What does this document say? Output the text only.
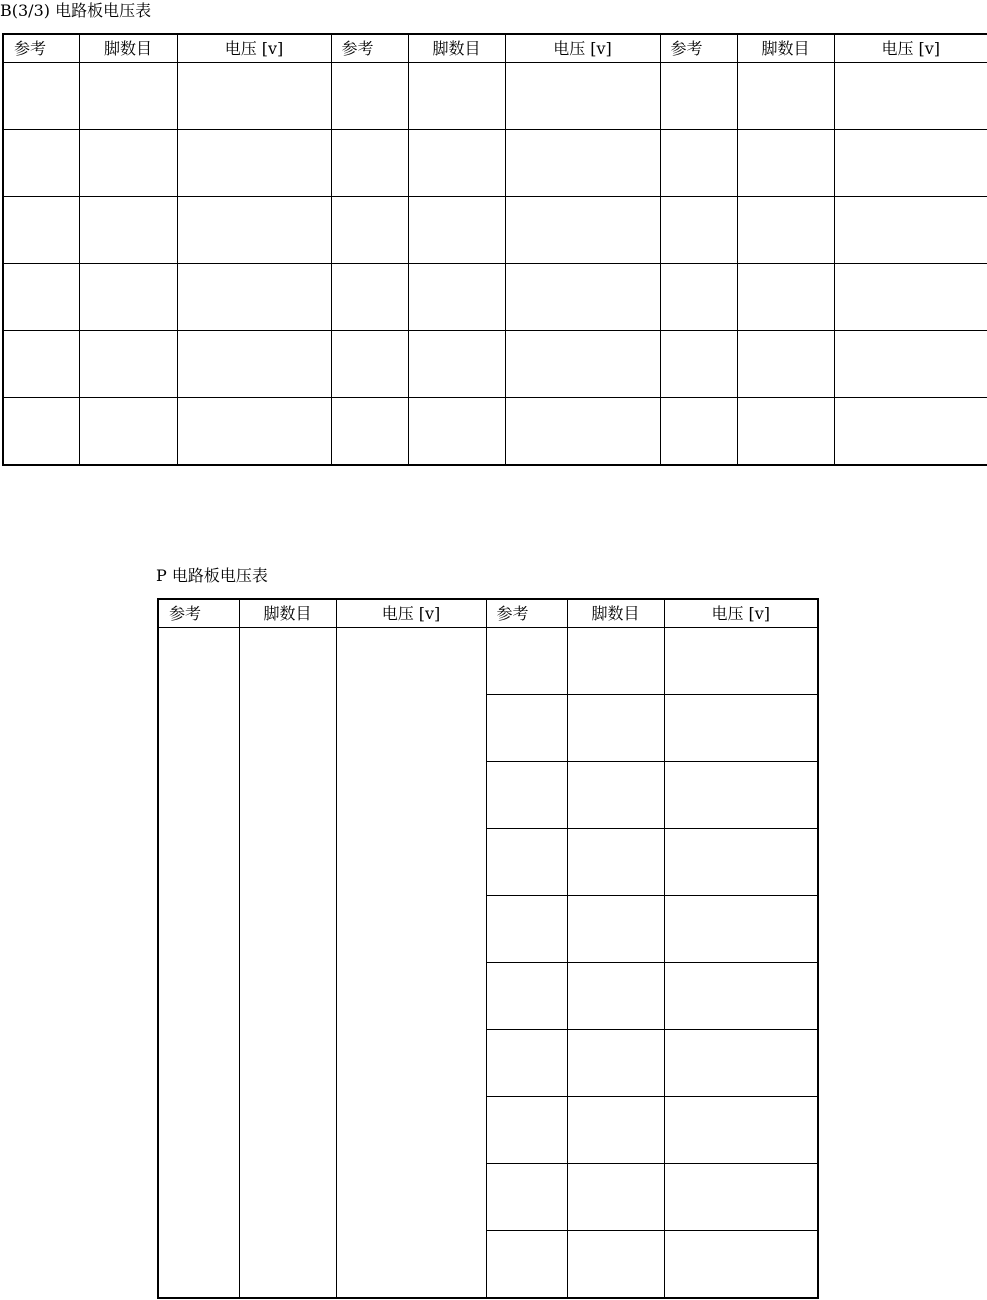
B(3/3) 电路板电压表
参考	脚数目	电压 [v]	参考	脚数目	电压 [v]	参考	脚数目	电压 [v]

P 电路板电压表
参考	脚数目	电压 [v]	参考	脚数目	电压 [v]
